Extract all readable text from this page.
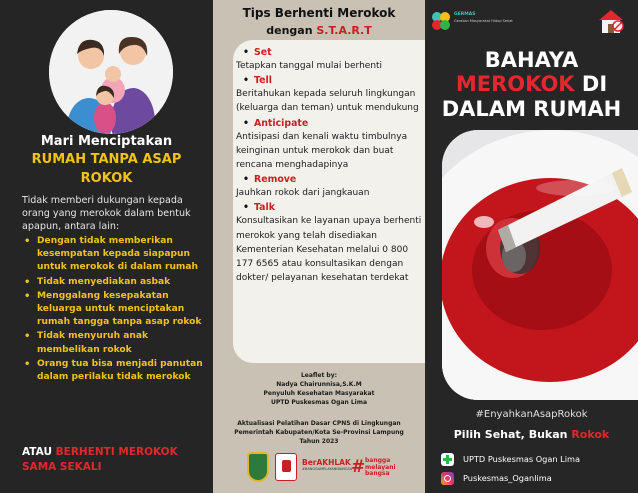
Mari Menciptakan
RUMAH TANPA ASAP
ROKOK
Tidak memberi dukungan kepada orang yang merokok dalam bentuk apapun, antara lain:
• Dengan tidak memberikan kesempatan kepada siapapun untuk merokok di dalam rumah
• Tidak menyediakan asbak
• Menggalang kesepakatan keluarga untuk menciptakan rumah tangga tanpa asap rokok
• Tidak menyuruh anak membelikan rokok
• Orang tua bisa menjadi panutan dalam perilaku tidak merokok
ATAU BERHENTI MEROKOK
SAMA SEKALI
Tips Berhenti Merokok
dengan S.T.A.R.T
• Set
Tetapkan tanggal mulai berhenti
• Tell
Beritahukan kepada seluruh lingkungan (keluarga dan teman) untuk mendukung
• Anticipate
Antisipasi dan kenali waktu timbulnya keinginan untuk merokok dan buat rencana menghadapinya
• Remove
Jauhkan rokok dari jangkauan
• Talk
Konsultasikan ke layanan upaya berhenti merokok yang telah disediakan Kementerian Kesehatan melalui 0 800 177 6565 atau konsultasikan dengan dokter/ pelayanan kesehatan terdekat
Leaflet by:
Nadya Chairunnisa,S.K.M
Penyuluh Kesehatan Masyarakat
UPTD Puskesmas Ogan Lima
Aktualisasi Pelatihan Dasar CPNS di Lingkungan
Pemerintah Kabupaten/Kota Se-Provinsi Lampung
Tahun 2023
BerAKHLAK
#BANGGAMELAYANIBANGSA
# bangga
melayani
bangsa
GERMAS
Gerakan Masyarakat Hidup Sehat
BAHAYA
MEROKOK DI
DALAM RUMAH
#EnyahkanAsapRokok
Pilih Sehat, Bukan Rokok
UPTD Puskesmas Ogan Lima
Puskesmas_Oganlima
